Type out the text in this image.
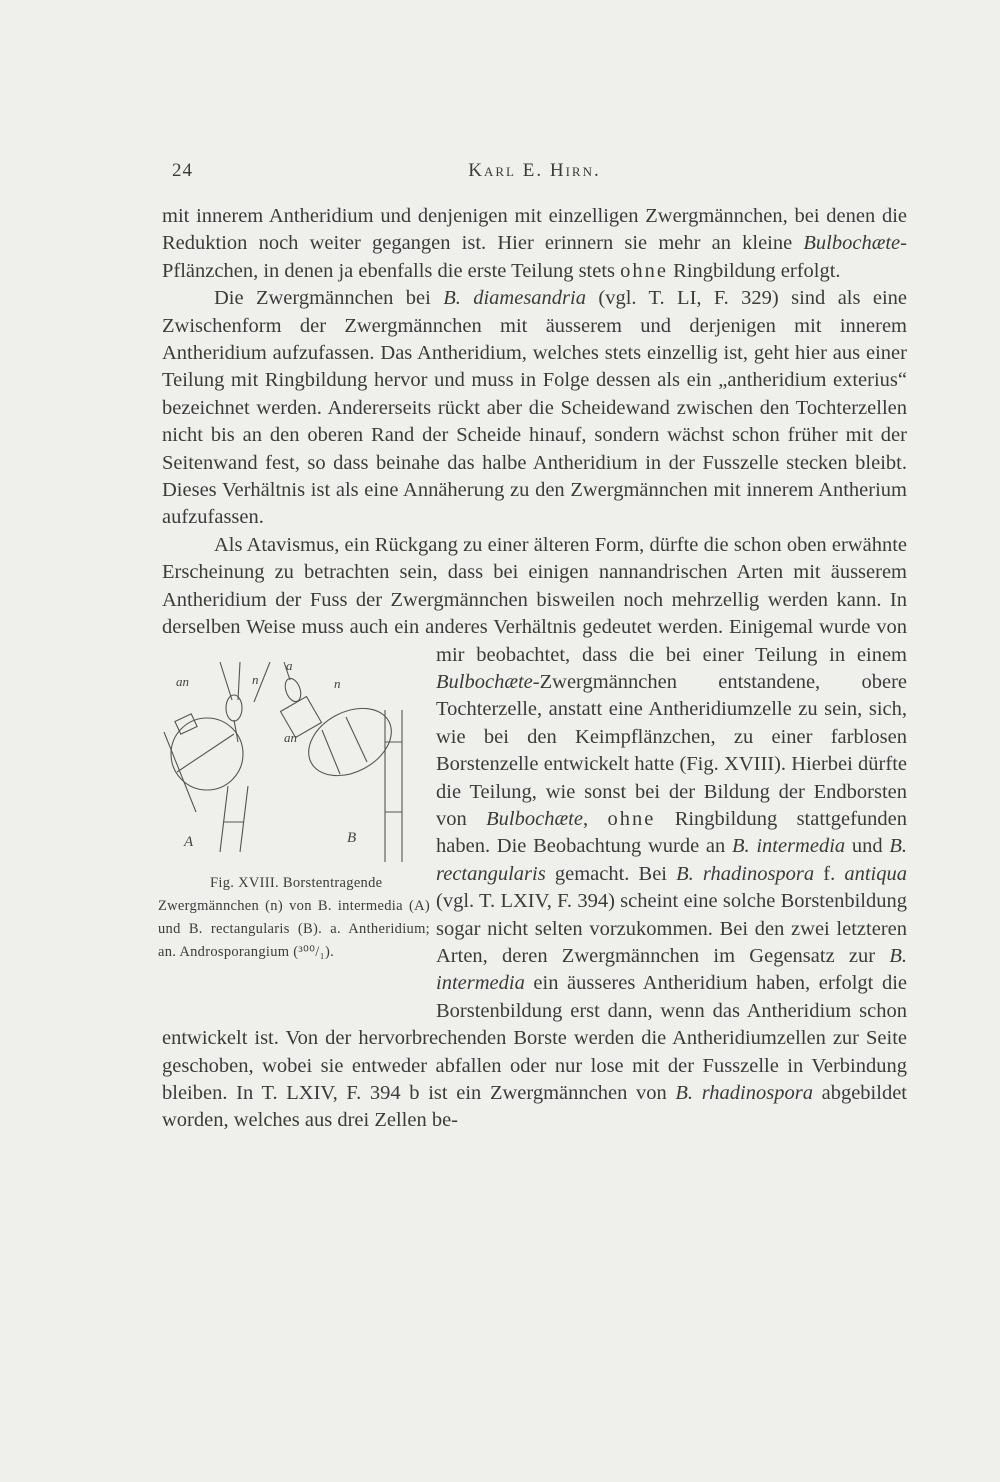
24	Karl E. Hirn.

mit innerem Antheridium und denjenigen mit einzelligen Zwergmännchen, bei denen die Reduktion noch weiter gegangen ist. Hier erinnern sie mehr an kleine Bulbochæte-Pflänzchen, in denen ja ebenfalls die erste Teilung stets ohne Ringbildung erfolgt.

Die Zwergmännchen bei B. diamesandria (vgl. T. LI, F. 329) sind als eine Zwischenform der Zwergmännchen mit äusserem und derjenigen mit innerem Antheridium aufzufassen. Das Antheridium, welches stets einzellig ist, geht hier aus einer Teilung mit Ringbildung hervor und muss in Folge dessen als ein „antheridium exterius“ bezeichnet werden. Andererseits rückt aber die Scheidewand zwischen den Tochterzellen nicht bis an den oberen Rand der Scheide hinauf, sondern wächst schon früher mit der Seitenwand fest, so dass beinahe das halbe Antheridium in der Fusszelle stecken bleibt. Dieses Verhältnis ist als eine Annäherung zu den Zwergmännchen mit innerem Antherium aufzufassen.

Als Atavismus, ein Rückgang zu einer älteren Form, dürfte die schon oben erwähnte Erscheinung zu betrachten sein, dass bei einigen nannandrischen Arten mit äusserem Antheridium der Fuss der Zwergmännchen bisweilen noch mehrzellig werden kann. In derselben Weise muss auch ein anderes Verhältnis gedeutet werden. Einigemal wurde von mir beobachtet, dass die bei einer Teilung in einem
an	n
a
n
an
A	B
Fig. XVIII. Borstentragende
Zwergmännchen (n) von B. intermedia (A) und B. rectangularis (B). a. Antheridium; an. Androsporangium (³⁰⁰/₁).
Bulbochæte-Zwergmännchen entstandene, obere Tochterzelle, anstatt eine Antheridiumzelle zu sein, sich, wie bei den Keimpflänzchen, zu einer farblosen Borstenzelle entwickelt hatte (Fig. XVIII). Hierbei dürfte die Teilung, wie sonst bei der Bildung der Endborsten von Bulbochæte, ohne Ringbildung stattgefunden haben. Die Beobachtung wurde an B. intermedia und B. rectangularis gemacht. Bei B. rhadinospora f. antiqua (vgl. T. LXIV, F. 394) scheint eine solche Borstenbildung sogar nicht selten vorzukommen. Bei den zwei letzteren Arten, deren Zwergmännchen im Gegensatz zur B. intermedia ein äusseres Antheridium haben, erfolgt die Borstenbildung erst dann, wenn das Antheridium schon entwickelt ist. Von der hervorbrechenden Borste werden die Antheridiumzellen zur Seite geschoben, wobei sie entweder abfallen oder nur lose mit der Fusszelle in Verbindung bleiben. In T. LXIV, F. 394 b ist ein Zwergmännchen von B. rhadinospora abgebildet worden, welches aus drei Zellen be-
